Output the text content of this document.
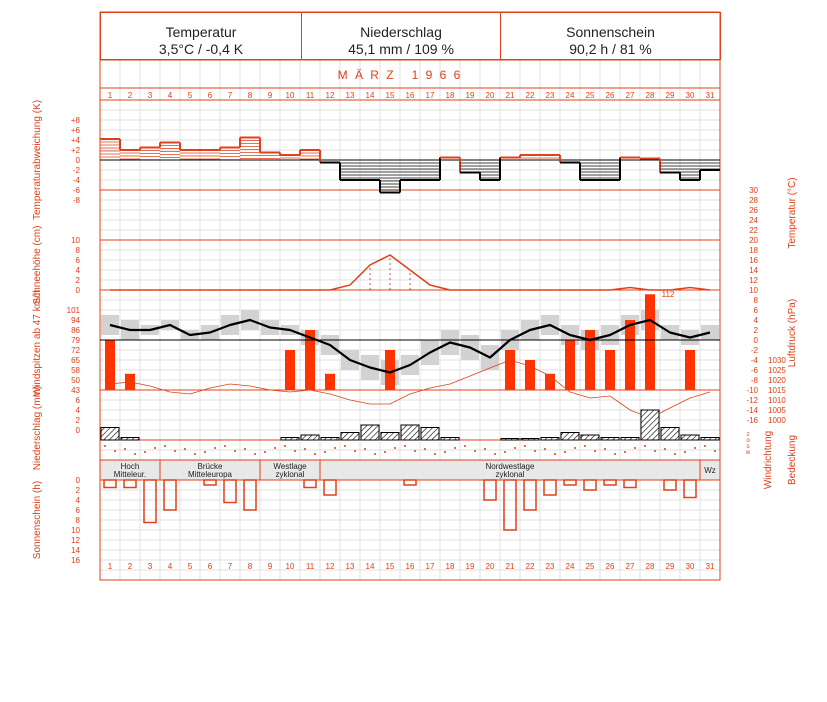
Temperatur
3,5°C / -0,4 K
Niederschlag
45,1 mm / 109 %
Sonnenschein
90,2 h / 81 %
M Ä R Z   1 9 6 6
Temperaturabweichung (K)
Schneehöhe (cm)
Windspitzen ab 47 km/h
Niederschlag (mm)
Sonnenschein (h)
Temperatur (°C)
Luftdruck (hPa)
Windrichtung Bedeckung
112
1
1
2
2
3
3
4
4
5
5
6
6
7
7
8
8
9
9
10
10
11
11
12
12
13
13
14
14
15
15
16
16
17
17
18
18
19
19
20
20
21
21
22
22
23
23
24
24
25
25
26
26
27
27
28
28
29
29
30
30
31
31
+8
+6
+4
+2
0
-2
-4
-6
-8
10
8
6
4
2
0
101
94
86
79
72
65
58
50
43
6
4
2
0
0
2
4
6
8
10
12
14
16
30
28
26
24
22
20
18
16
14
12
10
8
6
4
2
0
-2
-4
-6
-8
-10
-12
-14
-16
1030
1025
1020
1015
1010
1005
1000
z
o
s
w
Hoch
Mitteleur.
Brücke
Mitteleuropa
Westlage
zyklonal
Nordwestlage
zyklonal	Wz
